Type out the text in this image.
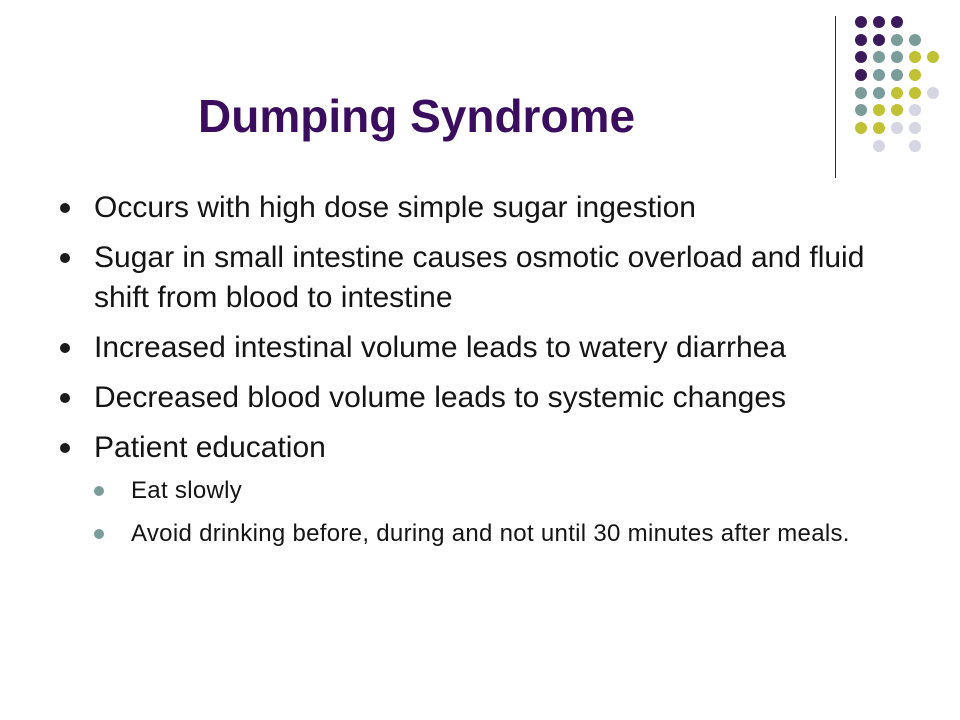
Dumping Syndrome
Occurs with high dose simple sugar ingestion
Sugar in small intestine causes osmotic overload and fluid shift from blood to intestine
Increased intestinal volume leads to watery diarrhea
Decreased blood volume leads to systemic changes
Patient education
Eat slowly
Avoid drinking before, during and not until 30 minutes after meals.
